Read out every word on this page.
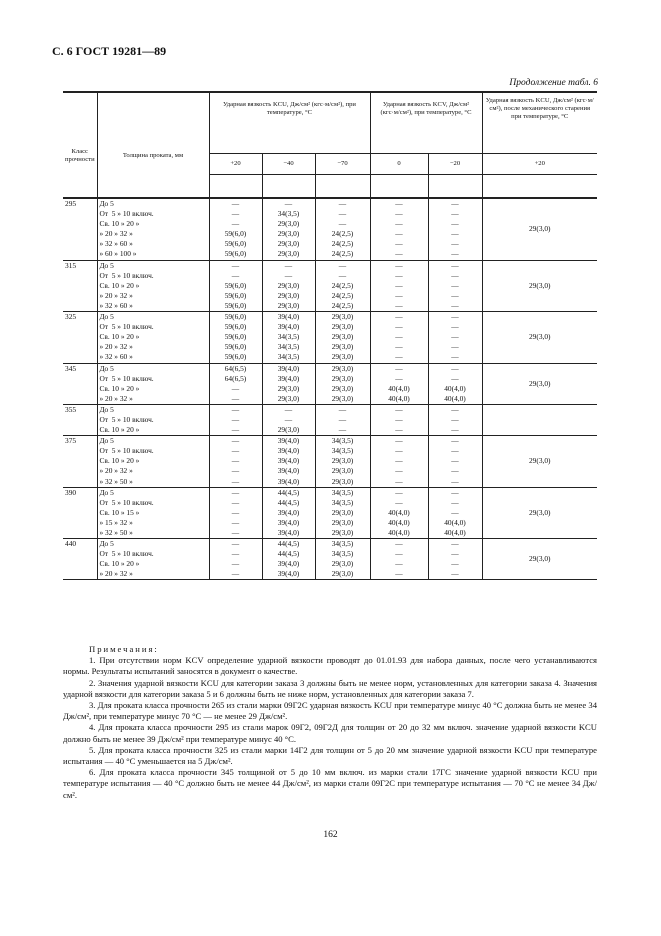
С. 6 ГОСТ 19281—89
Продолжение табл. 6
Класс прочности	Толщина проката, мм	Ударная вязкость KCU, Дж/см² (кгс·м/см²), при температуре, °С			Ударная вязкость KCV, Дж/см² (кгс·м/см²), при температуре, °С		Ударная вязкость KCU, Дж/см² (кгс·м/см²), после механического старения при температуре, °С
		+20	−40	−70	0	−20	+20

295	До 5	—	—	—	—	—	29(3,0)
	От  5 » 10 включ.	—	34(3,5)	—	—	—	
	Св. 10 » 20 »	—	29(3,0)	—	—	—	
	» 20 » 32 »	59(6,0)	29(3,0)	24(2,5)	—	—	
	» 32 » 60 »	59(6,0)	29(3,0)	24(2,5)	—	—	
	» 60 » 100 »	59(6,0)	29(3,0)	24(2,5)	—	—	
315	До 5	—	—	—	—	—	29(3,0)
	От  5 » 10 включ.	—	—	—	—	—	
	Св. 10 » 20 »	59(6,0)	29(3,0)	24(2,5)	—	—	
	» 20 » 32 »	59(6,0)	29(3,0)	24(2,5)	—	—	
	» 32 » 60 »	59(6,0)	29(3,0)	24(2,5)	—	—	
325	До 5	59(6,0)	39(4,0)	29(3,0)	—	—	29(3,0)
	От  5 » 10 включ.	59(6,0)	39(4,0)	29(3,0)	—	—	
	Св. 10 » 20 »	59(6,0)	34(3,5)	29(3,0)	—	—	
	» 20 » 32 »	59(6,0)	34(3,5)	29(3,0)	—	—	
	» 32 » 60 »	59(6,0)	34(3,5)	29(3,0)	—	—	
345	До 5	64(6,5)	39(4,0)	29(3,0)	—	—	29(3,0)
	От  5 » 10 включ.	64(6,5)	39(4,0)	29(3,0)	—	—	
	Св. 10 » 20 »	—	29(3,0)	29(3,0)	40(4,0)	40(4,0)	
	» 20 » 32 »	—	29(3,0)	29(3,0)	40(4,0)	40(4,0)	
355	До 5	—	—	—	—	—	
	От  5 » 10 включ.	—	—	—	—	—	
	Св. 10 » 20 »	—	29(3,0)	—	—	—	
375	До 5	—	39(4,0)	34(3,5)	—	—	29(3,0)
	От  5 » 10 включ.	—	39(4,0)	34(3,5)	—	—	
	Св. 10 » 20 »	—	39(4,0)	29(3,0)	—	—	
	» 20 » 32 »	—	39(4,0)	29(3,0)	—	—	
	» 32 » 50 »	—	39(4,0)	29(3,0)	—	—	
390	До 5	—	44(4,5)	34(3,5)	—	—	29(3,0)
	От  5 » 10 включ.	—	44(4,5)	34(3,5)	—	—	
	Св. 10 » 15 »	—	39(4,0)	29(3,0)	40(4,0)	—	
	» 15 » 32 »	—	39(4,0)	29(3,0)	40(4,0)	40(4,0)	
	» 32 » 50 »	—	39(4,0)	29(3,0)	40(4,0)	40(4,0)	
440	До 5	—	44(4,5)	34(3,5)	—	—	29(3,0)
	От  5 » 10 включ.	—	44(4,5)	34(3,5)	—	—	
	Св. 10 » 20 »	—	39(4,0)	29(3,0)	—	—	
	» 20 » 32 »	—	39(4,0)	29(3,0)	—	—	

Примечания:

1. При отсутствии норм KCV определение ударной вязкости проводят до 01.01.93 для набора данных, после чего устанавливаются нормы. Результаты испытаний заносятся в документ о качестве.

2. Значения ударной вязкости KCU для категории заказа 3 должны быть не менее норм, установленных для категории заказа 4. Значения ударной вязкости для категории заказа 5 и 6 должны быть не ниже норм, установленных для категории заказа 7.

3. Для проката класса прочности 265 из стали марки 09Г2С ударная вязкость KCU при температуре минус 40 °С должна быть не менее 34 Дж/см², при температуре минус 70 °С — не менее 29 Дж/см².

4. Для проката класса прочности 295 из стали марок 09Г2, 09Г2Д для толщин от 20 до 32 мм включ. значение ударной вязкости KCU должно быть не менее 39 Дж/см² при температуре минус 40 °С.

5. Для проката класса прочности 325 из стали марки 14Г2 для толщин от 5 до 20 мм значение ударной вязкости KCU при температуре испытания — 40 °С уменьшается на 5 Дж/см².

6. Для проката класса прочности 345 толщиной от 5 до 10 мм включ. из марки стали 17ГС значение ударной вязкости KCU при температуре испытания — 40 °С должно быть не менее 44 Дж/см², из марки стали 09Г2С при температуре испытания — 70 °С не менее 34 Дж/см².

162
